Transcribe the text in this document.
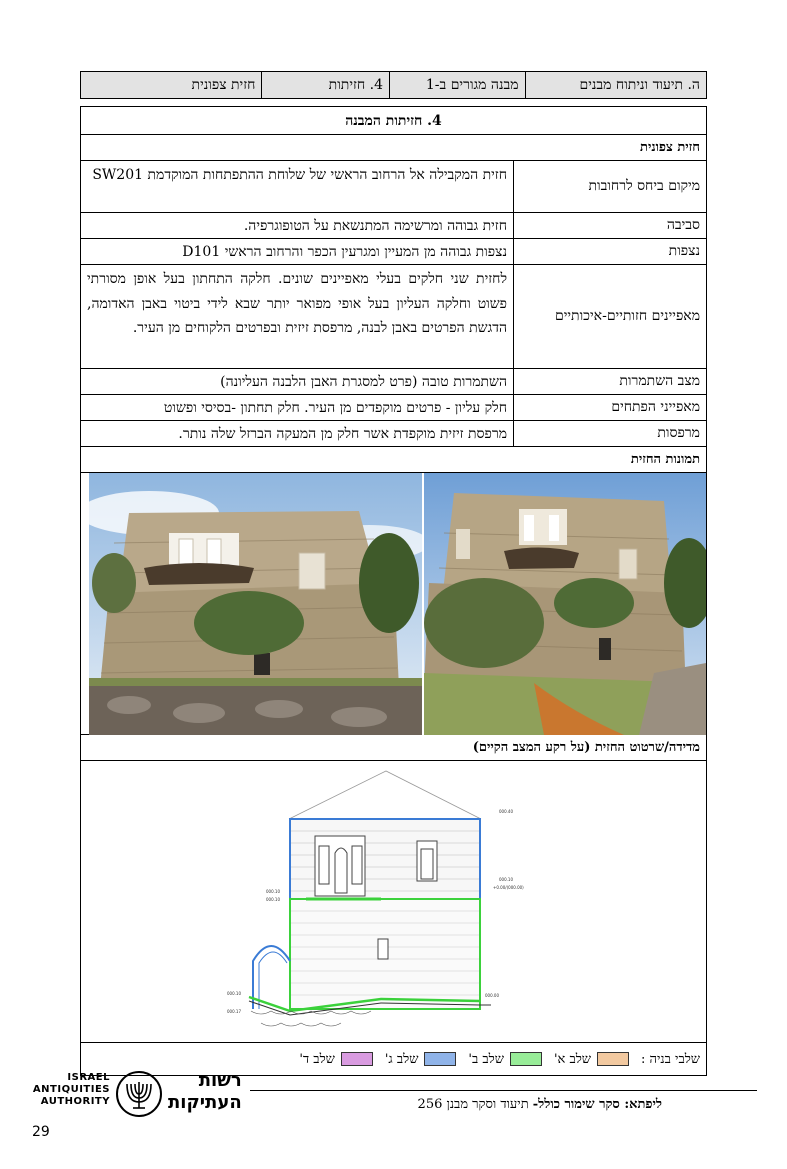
ה. תיעוד וניתוח מבנים
מבנה מגורים ב-1
4. חזיתות
חזית צפונית
4. חזיתות המבנה
חזית צפונית
מיקום ביחס לרחובות
חזית המקבילה אל הרחוב הראשי של שלוחת ההתפתחות המוקדמת SW201
סביבה
חזית גבוהה ומרשימה המתנשאת על הטופוגרפיה.
נצפות
נצפות גבוהה מן המעיין ומגרעין הכפר והרחוב הראשי D101
מאפיינים חזותיים-איכותיים
לחזית שני חלקים בעלי מאפיינים שונים. חלקה התחתון בעל אופן מסורתי פשוט וחלקה העליון בעל אופי מפואר יותר שבא לידי ביטוי באבן האדומה, הדגשת הפרטים באבן לבנה, מרפסת זיזית ובפרטים הלקוחים מן העיר.
מצב השתמרות
השתמרות טובה (פרט למסגרת האבן הלבנה העליונה)
מאפייני הפתחים
חלק עליון - פרטים מוקפדים מן העיר. חלק תחתון -בסיסי ופשוט
מרפסות
מרפסת זיזית מוקפדת אשר חלק מן המעקה הברזל שלה נותר.
תמונות החזית
מדידה/שרטוט החזית (על רקע המצב הקיים)
000.40
000.10
+0.00/(000.00)
000.10
000.10
000.10
000.17
000.00
שלבי בניה :
שלב א'
שלב ב'
שלב ג'
שלב ד'
ליפתא: סקר שימור כולל- תיעוד וסקר מבנן 256
ISRAEL
ANTIQUITIES
AUTHORITY
רשות
העתיקות
29
